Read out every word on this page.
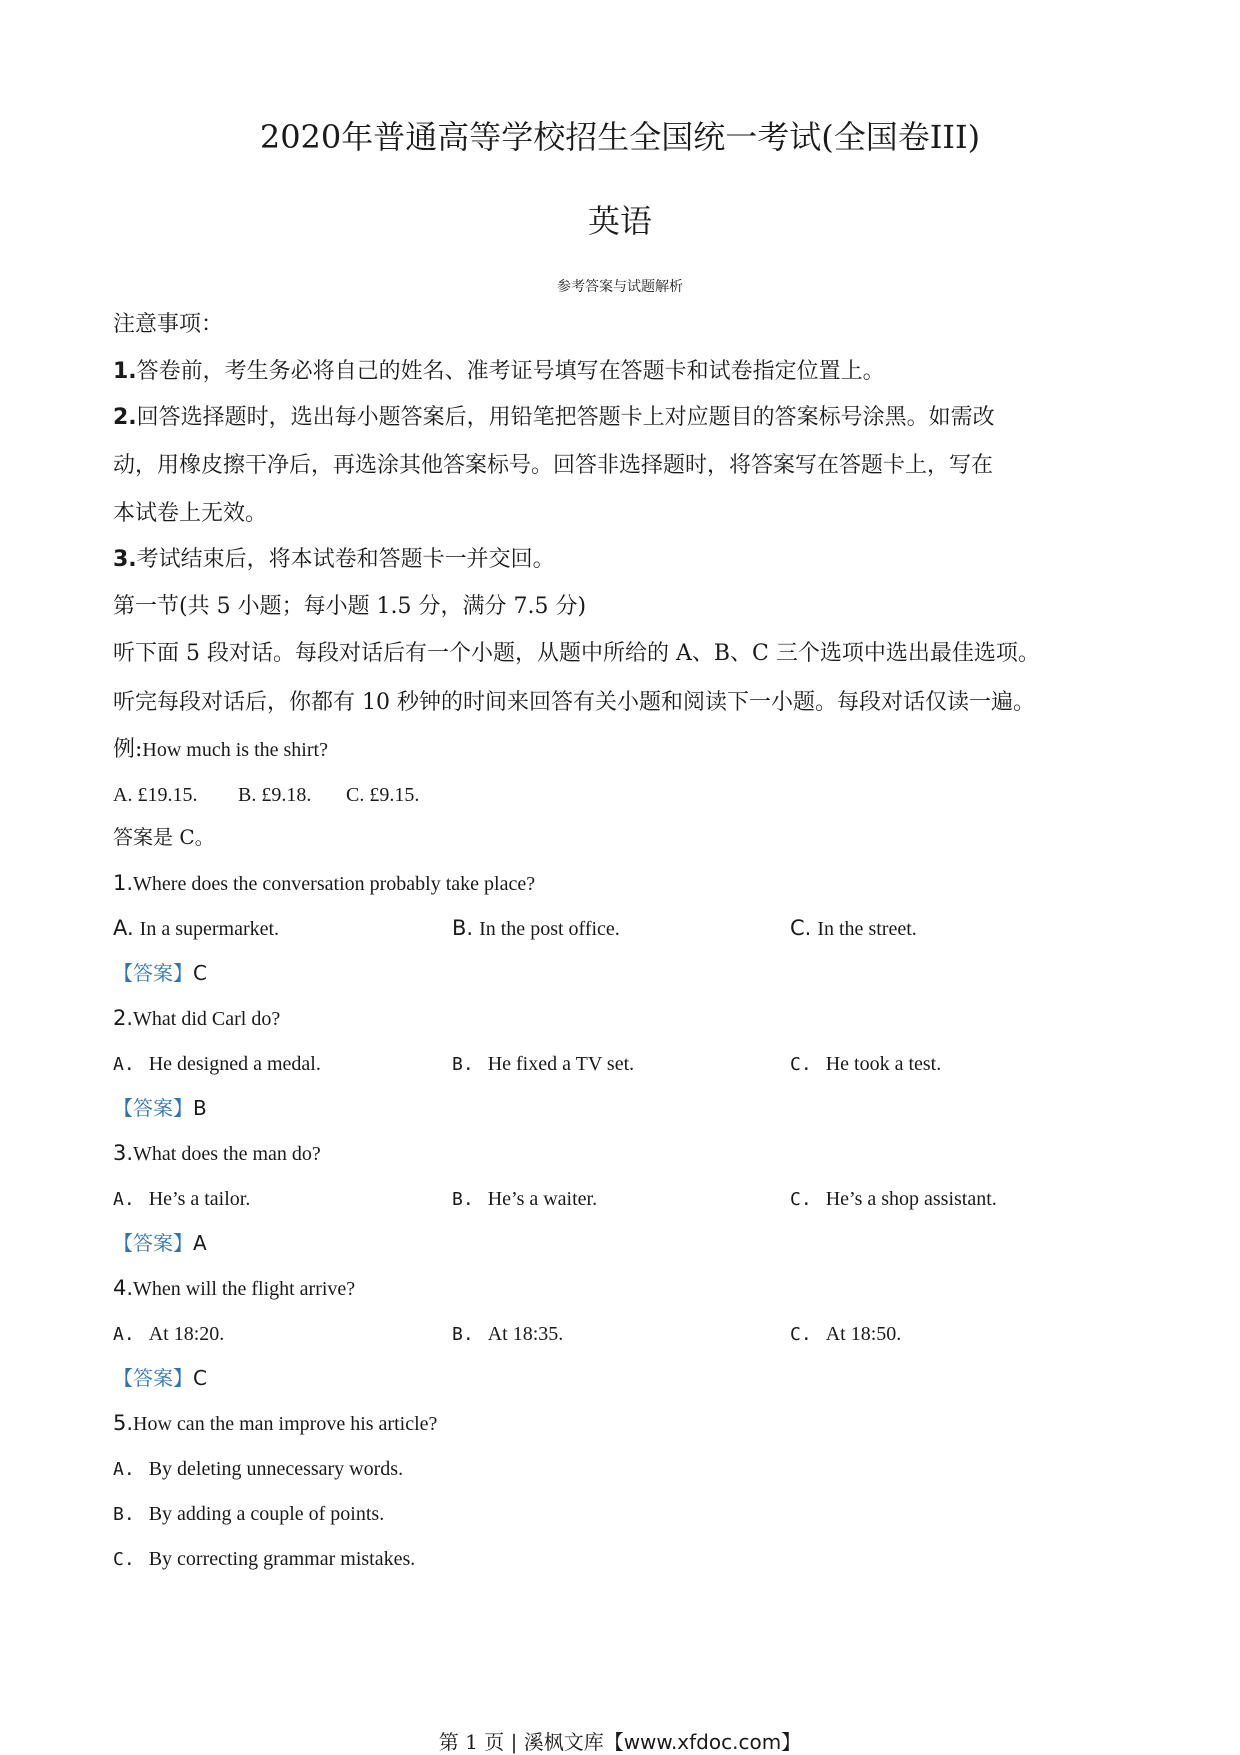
2020年普通高等学校招生全国统一考试(全国卷III)
英语
参考答案与试题解析
注意事项：
1.答卷前，考生务必将自己的姓名、准考证号填写在答题卡和试卷指定位置上。
2.回答选择题时，选出每小题答案后，用铅笔把答题卡上对应题目的答案标号涂黑。如需改
动，用橡皮擦干净后，再选涂其他答案标号。回答非选择题时，将答案写在答题卡上，写在
本试卷上无效。
3.考试结束后，将本试卷和答题卡一并交回。
第一节(共 5 小题；每小题 1.5 分，满分 7.5 分)
听下面 5 段对话。每段对话后有一个小题，从题中所给的 A、B、C 三个选项中选出最佳选项。
听完每段对话后，你都有 10 秒钟的时间来回答有关小题和阅读下一小题。每段对话仅读一遍。
例:How much is the shirt?
A. £19.15. B. £9.18. C. £9.15.
答案是 C。
1.Where does the conversation probably take place?
A. In a supermarket.	B. In the post office.	C. In the street.
【答案】C
2.What did Carl do?
A. He designed a medal.	B. He fixed a TV set.	C. He took a test.
【答案】B
3.What does the man do?
A. He’s a tailor.	B. He’s a waiter.	C. He’s a shop assistant.
【答案】A
4.When will the flight arrive?
A. At 18:20.	B. At 18:35.	C. At 18:50.
【答案】C
5.How can the man improve his article?
A. By deleting unnecessary words.
B. By adding a couple of points.
C. By correcting grammar mistakes.
第 1 页 | 溪枫文库【www.xfdoc.com】
